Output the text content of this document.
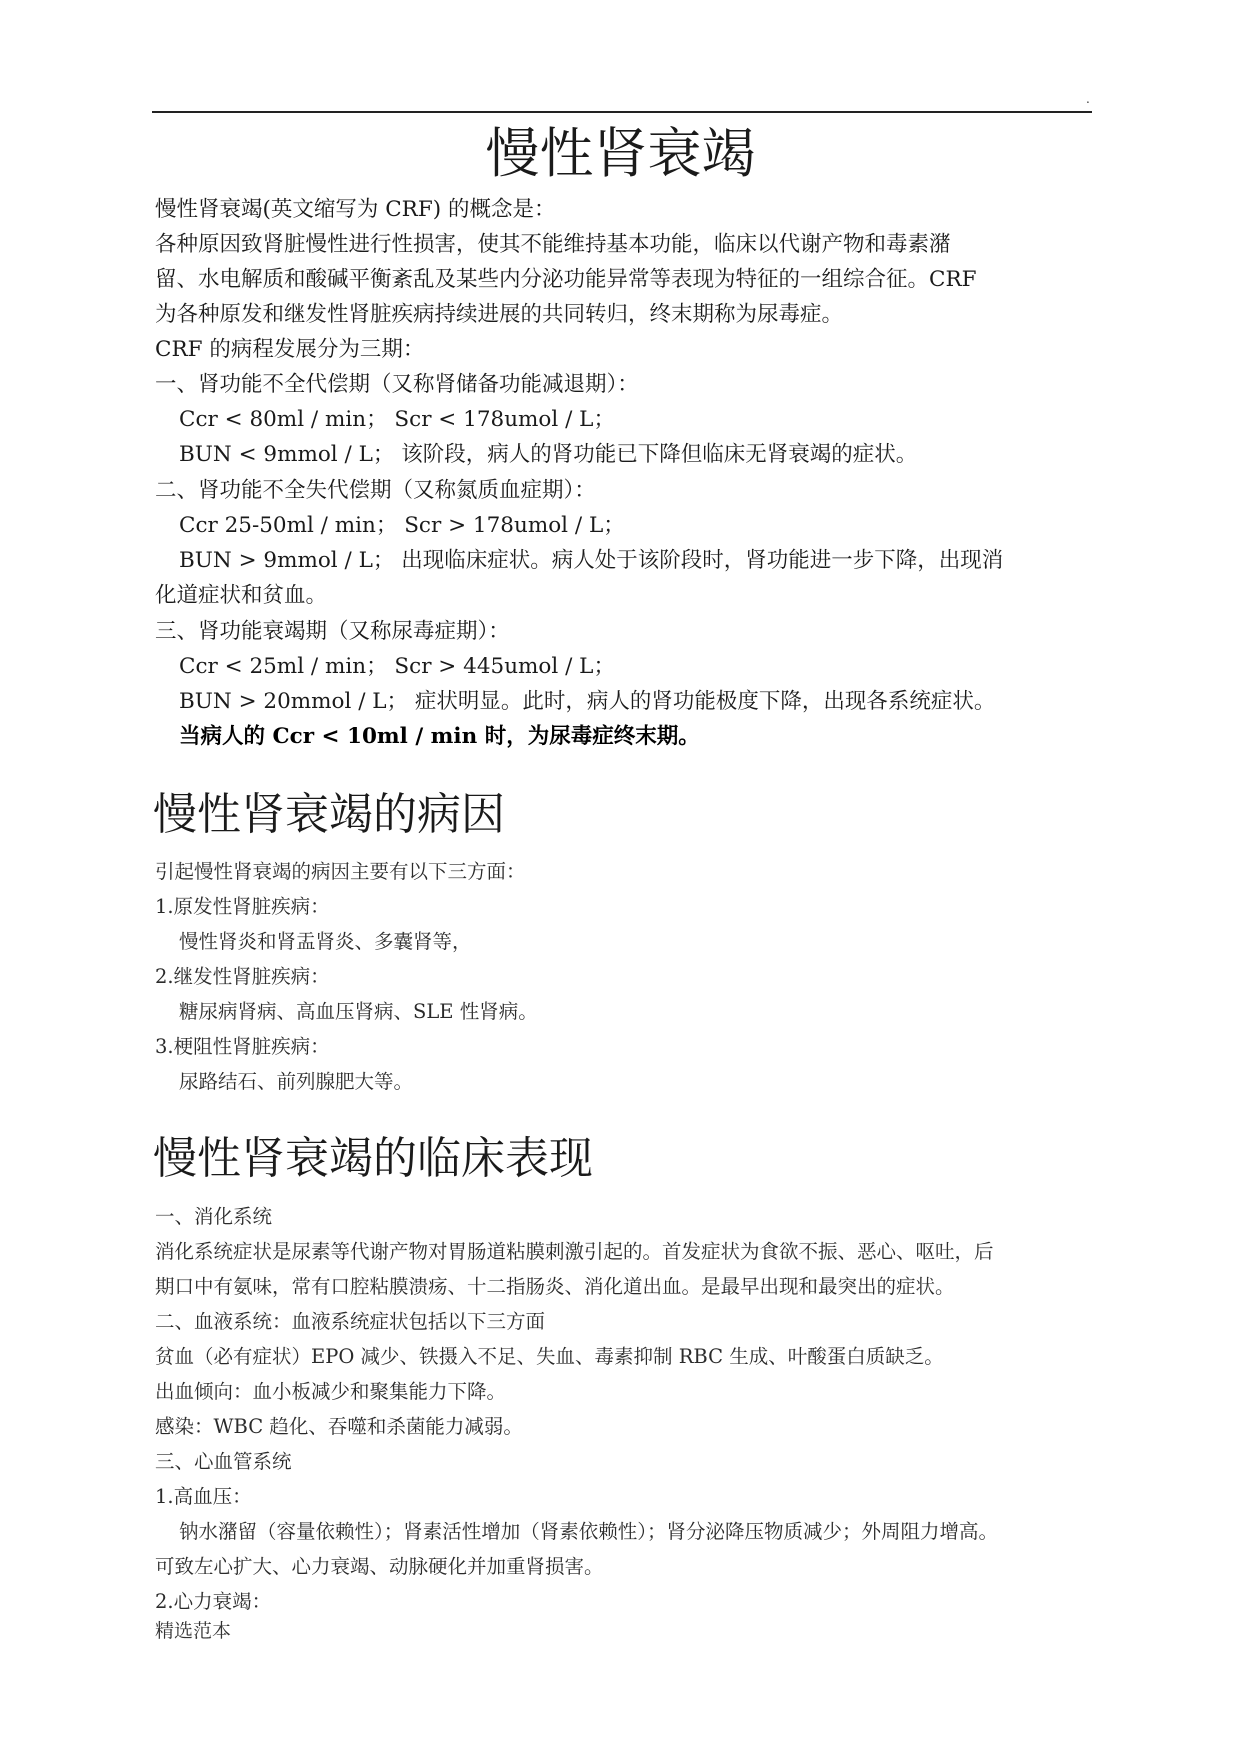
.
慢性肾衰竭
慢性肾衰竭(英文缩写为 CRF) 的概念是：
各种原因致肾脏慢性进行性损害，使其不能维持基本功能，临床以代谢产物和毒素潴
留、水电解质和酸碱平衡紊乱及某些内分泌功能异常等表现为特征的一组综合征。CRF
为各种原发和继发性肾脏疾病持续进展的共同转归，终末期称为尿毒症。
CRF 的病程发展分为三期：
一、肾功能不全代偿期（又称肾储备功能减退期）：
Ccr < 80ml / min； Scr < 178umol / L；
BUN < 9mmol / L； 该阶段，病人的肾功能已下降但临床无肾衰竭的症状。
二、肾功能不全失代偿期（又称氮质血症期）：
Ccr 25-50ml / min； Scr > 178umol / L；
BUN > 9mmol / L； 出现临床症状。病人处于该阶段时，肾功能进一步下降，出现消
化道症状和贫血。
三、肾功能衰竭期（又称尿毒症期）：
Ccr < 25ml / min； Scr > 445umol / L；
BUN > 20mmol / L； 症状明显。此时，病人的肾功能极度下降，出现各系统症状。
当病人的 Ccr < 10ml / min 时，为尿毒症终末期。
慢性肾衰竭的病因
引起慢性肾衰竭的病因主要有以下三方面：
1.原发性肾脏疾病：
慢性肾炎和肾盂肾炎、多囊肾等，
2.继发性肾脏疾病：
糖尿病肾病、高血压肾病、SLE 性肾病。
3.梗阻性肾脏疾病：
尿路结石、前列腺肥大等。
慢性肾衰竭的临床表现
一、消化系统
消化系统症状是尿素等代谢产物对胃肠道粘膜刺激引起的。首发症状为食欲不振、恶心、呕吐，后
期口中有氨味，常有口腔粘膜溃疡、十二指肠炎、消化道出血。是最早出现和最突出的症状。
二、血液系统：血液系统症状包括以下三方面
贫血（必有症状）EPO 减少、铁摄入不足、失血、毒素抑制 RBC 生成、叶酸蛋白质缺乏。
出血倾向：血小板减少和聚集能力下降。
感染：WBC 趋化、吞噬和杀菌能力减弱。
三、心血管系统
1.高血压：
钠水潴留（容量依赖性）；肾素活性增加（肾素依赖性）；肾分泌降压物质减少；外周阻力增高。
可致左心扩大、心力衰竭、动脉硬化并加重肾损害。
2.心力衰竭：
精选范本
